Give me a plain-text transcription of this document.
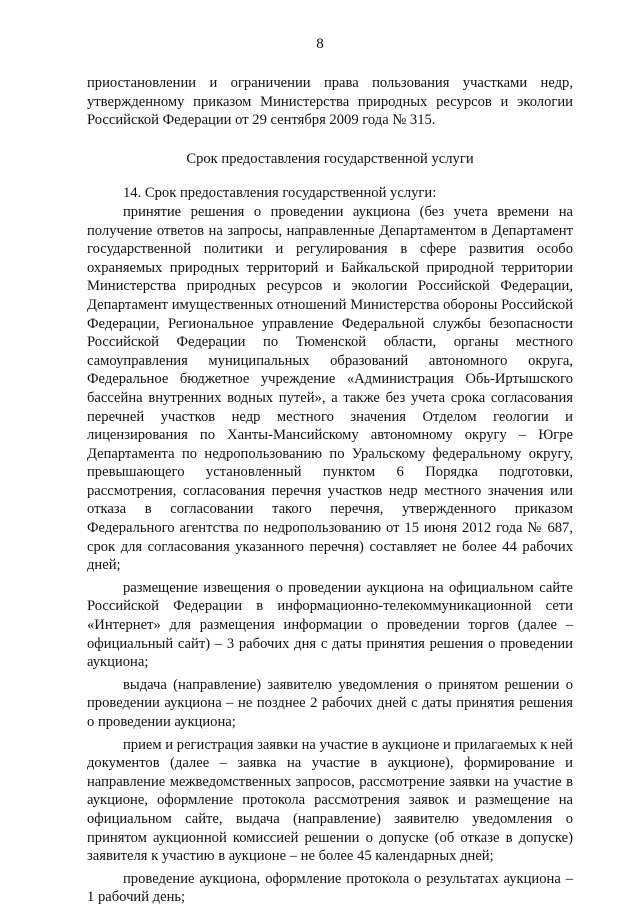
8

приостановлении и ограничении права пользования участками недр, утвержденному приказом Министерства природных ресурсов и экологии Российской Федерации от 29 сентября 2009 года № 315.

Срок предоставления государственной услуги

14. Срок предоставления государственной услуги:

принятие решения о проведении аукциона (без учета времени на получение ответов на запросы, направленные Департаментом в Департамент государственной политики и регулирования в сфере развития особо охраняемых природных территорий и Байкальской природной территории Министерства природных ресурсов и экологии Российской Федерации, Департамент имущественных отношений Министерства обороны Российской Федерации, Региональное управление Федеральной службы безопасности Российской Федерации по Тюменской области, органы местного самоуправления муниципальных образований автономного округа, Федеральное бюджетное учреждение «Администрация Обь-Иртышского бассейна внутренних водных путей», а также без учета срока согласования перечней участков недр местного значения Отделом геологии и лицензирования по Ханты-Мансийскому автономному округу – Югре Департамента по недропользованию по Уральскому федеральному округу, превышающего установленный пунктом 6 Порядка подготовки, рассмотрения, согласования перечня участков недр местного значения или отказа в согласовании такого перечня, утвержденного приказом Федерального агентства по недропользованию от 15 июня 2012 года № 687, срок для согласования указанного перечня) составляет не более 44 рабочих дней;

размещение извещения о проведении аукциона на официальном сайте Российской Федерации в информационно-телекоммуникационной сети «Интернет» для размещения информации о проведении торгов (далее – официальный сайт) – 3 рабочих дня с даты принятия решения о проведении аукциона;

выдача (направление) заявителю уведомления о принятом решении о проведении аукциона – не позднее 2 рабочих дней с даты принятия решения о проведении аукциона;

прием и регистрация заявки на участие в аукционе и прилагаемых к ней документов (далее – заявка на участие в аукционе), формирование и направление межведомственных запросов, рассмотрение заявки на участие в аукционе, оформление протокола рассмотрения заявок и размещение на официальном сайте, выдача (направление) заявителю уведомления о принятом аукционной комиссией решении о допуске (об отказе в допуске) заявителя к участию в аукционе – не более 45 календарных дней;

проведение аукциона, оформление протокола о результатах аукциона – 1 рабочий день;
